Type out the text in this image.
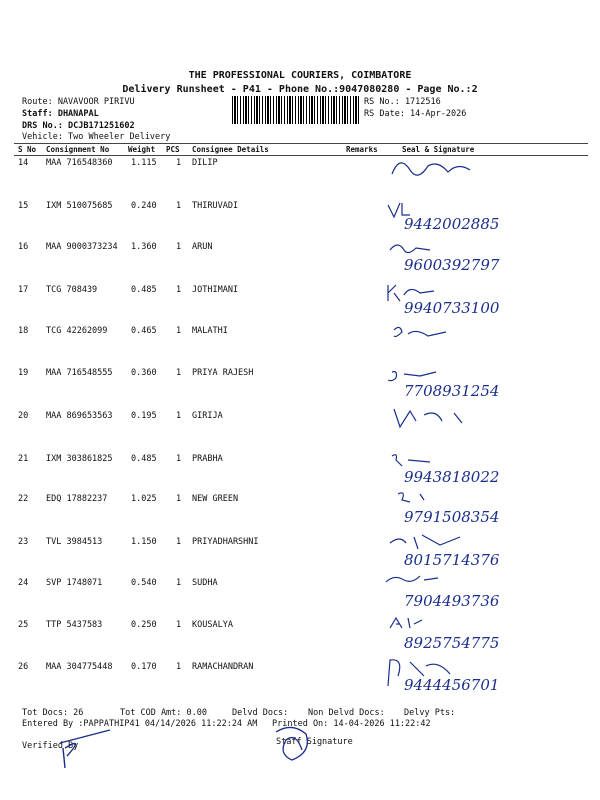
THE PROFESSIONAL COURIERS, COIMBATORE
Delivery Runsheet - P41 - Phone No.:9047080280 - Page No.:2
Route: NAVAVOOR PIRIVU
Staff: DHANAPAL
DRS No.: DCJB171251602
Vehicle: Two Wheeler Delivery
RS No.: 1712516
RS Date: 14-Apr-2026
S No Consignment No	Weight PCS Consignee Details	Remarks	Seal & Signature
14 MAA 716548360 1.115 1 DILIP
15 IXM 510075685 0.240 1 THIRUVADI
9442002885
16 MAA 9000373234 1.360 1 ARUN
9600392797
17 TCG 708439	0.485 1 JOTHIMANI
9940733100
18 TCG 42262099	0.465 1 MALATHI
19 MAA 716548555 0.360 1 PRIYA RAJESH
7708931254
20 MAA 869653563 0.195 1 GIRIJA
21 IXM 303861825 0.485 1 PRABHA
9943818022
22 EDQ 17882237	1.025 1 NEW GREEN
9791508354
23 TVL 3984513	1.150 1 PRIYADHARSHNI
8015714376
24 SVP 1748071	0.540 1 SUDHA
7904493736
25 TTP 5437583	0.250 1 KOUSALYA
8925754775
26 MAA 304775448 0.170 1 RAMACHANDRAN
9444456701
Tot Docs: 26	Tot COD Amt: 0.00	Delvd Docs: Non Delvd Docs: Delvy Pts:
Entered By :PAPPATHIP41 04/14/2026 11:22:24 AM Printed On: 14-04-2026 11:22:42
Verified By	Staff Signature
